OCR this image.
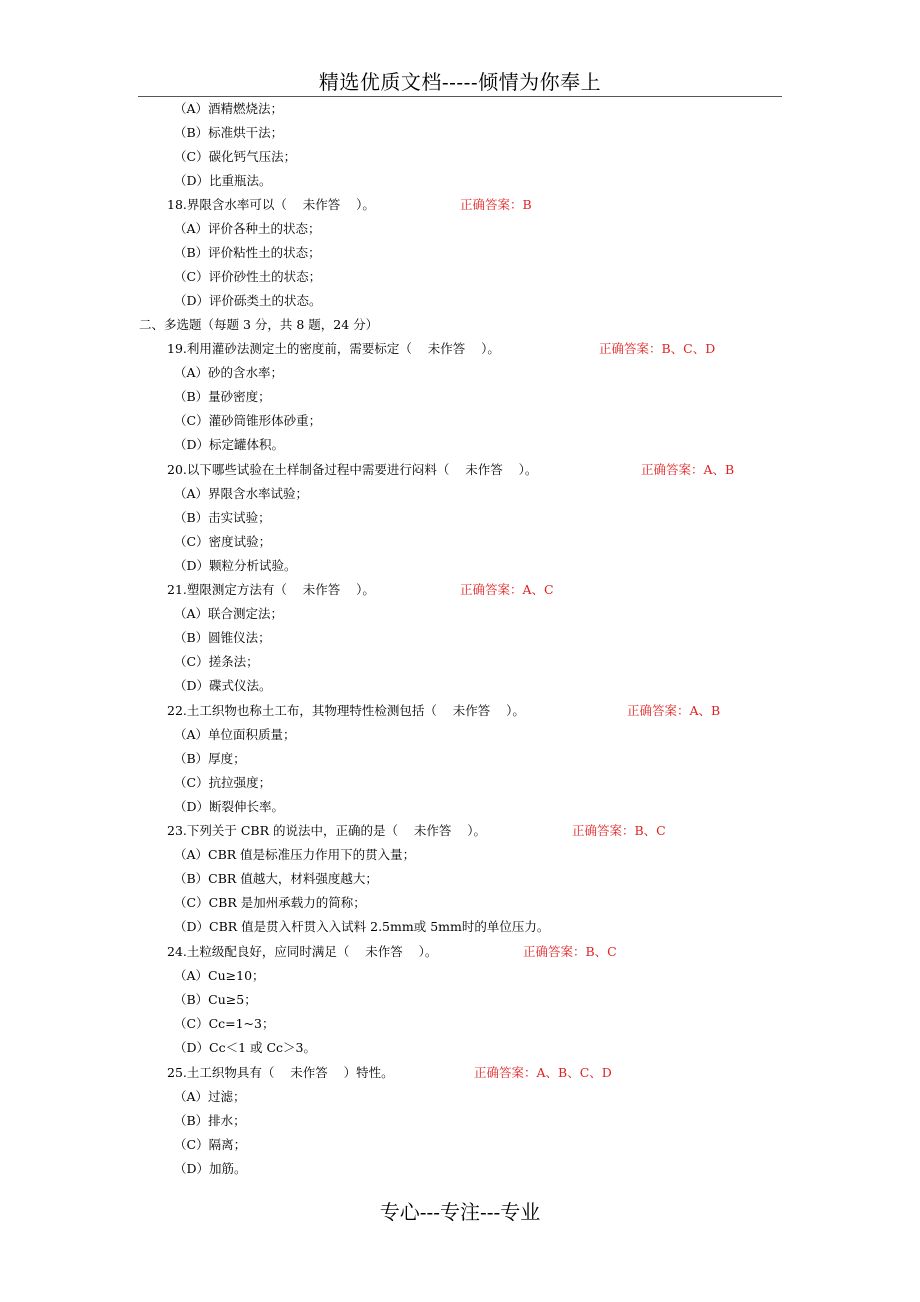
精选优质文档-----倾情为你奉上
（A）酒精燃烧法；
（B）标准烘干法；
（C）碳化钙气压法；
（D）比重瓶法。
18.界限含水率可以（    未作答    ）。	正确答案：B
（A）评价各种土的状态；
（B）评价粘性土的状态；
（C）评价砂性土的状态；
（D）评价砾类土的状态。
二、多选题（每题 3 分，共 8 题，24 分）
19.利用灌砂法测定土的密度前，需要标定（    未作答    ）。	正确答案：B、C、D
（A）砂的含水率；
（B）量砂密度；
（C）灌砂筒锥形体砂重；
（D）标定罐体积。
20.以下哪些试验在土样制备过程中需要进行闷料（    未作答    ）。	正确答案：A、B
（A）界限含水率试验；
（B）击实试验；
（C）密度试验；
（D）颗粒分析试验。
21.塑限测定方法有（    未作答    ）。	正确答案：A、C
（A）联合测定法；
（B）圆锥仪法；
（C）搓条法；
（D）碟式仪法。
22.土工织物也称土工布，其物理特性检测包括（    未作答    ）。	正确答案：A、B
（A）单位面积质量；
（B）厚度；
（C）抗拉强度；
（D）断裂伸长率。
23.下列关于 CBR 的说法中，正确的是（    未作答    ）。	正确答案：B、C
（A）CBR 值是标准压力作用下的贯入量；
（B）CBR 值越大，材料强度越大；
（C）CBR 是加州承载力的简称；
（D）CBR 值是贯入杆贯入入试料 2.5mm或 5mm时的单位压力。
24.土粒级配良好，应同时满足（    未作答    ）。	正确答案：B、C
（A）Cu≥10；
（B）Cu≥5；
（C）Cc=1~3；
（D）Cc＜1 或 Cc＞3。
25.土工织物具有（    未作答    ）特性。	正确答案：A、B、C、D
（A）过滤；
（B）排水；
（C）隔离；
（D）加筋。
专心---专注---专业
